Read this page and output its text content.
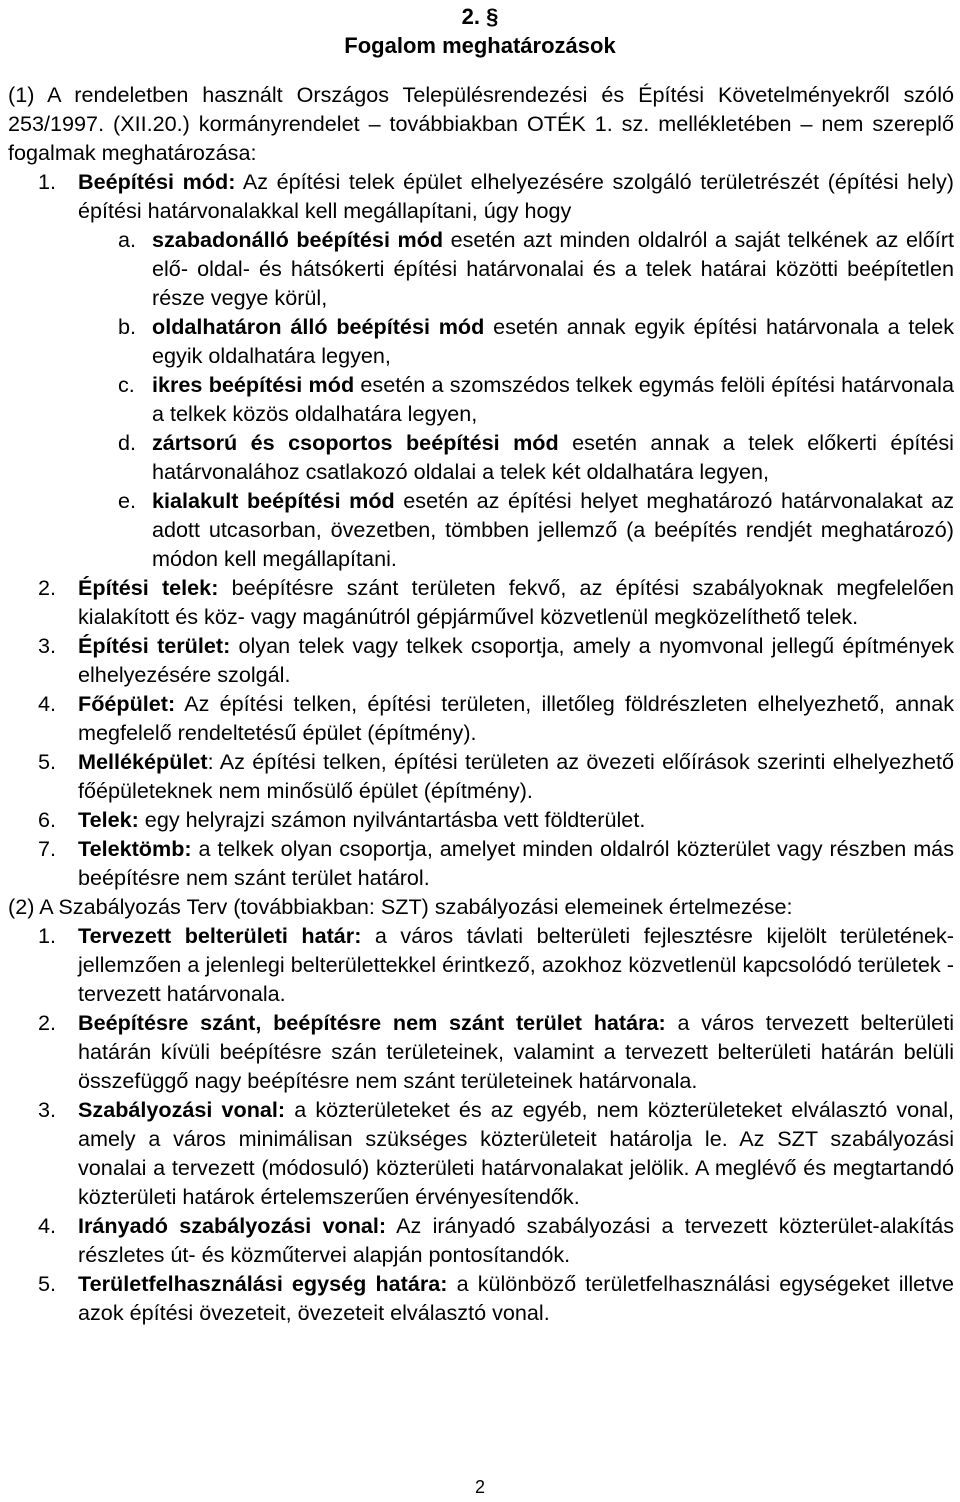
2. §
Fogalom meghatározások

(1) A rendeletben használt Országos Településrendezési és Építési Követelményekről szóló 253/1997. (XII.20.) kormányrendelet – továbbiakban OTÉK 1. sz. mellékletében – nem szereplő fogalmak meghatározása:

1.	Beépítési mód: Az építési telek épület elhelyezésére szolgáló területrészét (építési hely) építési határvonalakkal kell megállapítani, úgy hogy
a. szabadonálló beépítési mód esetén azt minden oldalról a saját telkének az előírt elő- oldal- és hátsókerti építési határvonalai és a telek határai közötti beépítetlen része vegye körül,
b. oldalhatáron álló beépítési mód esetén annak egyik építési határvonala a telek egyik oldalhatára legyen,
c. ikres beépítési mód esetén a szomszédos telkek egymás felöli építési határvonala a telkek közös oldalhatára legyen,
d. zártsorú és csoportos beépítési mód esetén annak a telek előkerti építési határvonalához csatlakozó oldalai a telek két oldalhatára legyen,
e. kialakult beépítési mód esetén az építési helyet meghatározó határvonalakat az adott utcasorban, övezetben, tömbben jellemző (a beépítés rendjét meghatározó) módon kell megállapítani.
2.	Építési telek: beépítésre szánt területen fekvő, az építési szabályoknak megfelelően kialakított és köz- vagy magánútról gépjárművel közvetlenül megközelíthető telek.
3.	Építési terület: olyan telek vagy telkek csoportja, amely a nyomvonal jellegű építmények elhelyezésére szolgál.
4.	Főépület: Az építési telken, építési területen, illetőleg földrészleten elhelyezhető, annak megfelelő rendeltetésű épület (építmény).
5.	Melléképület: Az építési telken, építési területen az övezeti előírások szerinti elhelyezhető főépületeknek nem minősülő épület (építmény).
6.	Telek: egy helyrajzi számon nyilvántartásba vett földterület.
7.	Telektömb: a telkek olyan csoportja, amelyet minden oldalról közterület vagy részben más beépítésre nem szánt terület határol.

(2) A Szabályozás Terv (továbbiakban: SZT) szabályozási elemeinek értelmezése:

1.	Tervezett belterületi határ: a város távlati belterületi fejlesztésre kijelölt területének- jellemzően a jelenlegi belterülettekkel érintkező, azokhoz közvetlenül kapcsolódó területek - tervezett határvonala.
2.	Beépítésre szánt, beépítésre nem szánt terület határa: a város tervezett belterületi határán kívüli beépítésre szán területeinek, valamint a tervezett belterületi határán belüli összefüggő nagy beépítésre nem szánt területeinek határvonala.
3.	Szabályozási vonal: a közterületeket és az egyéb, nem közterületeket elválasztó vonal, amely a város minimálisan szükséges közterületeit határolja le. Az SZT szabályozási vonalai a tervezett (módosuló) közterületi határvonalakat jelölik. A meglévő és megtartandó közterületi határok értelemszerűen érvényesítendők.
4.	Irányadó szabályozási vonal: Az irányadó szabályozási a tervezett közterület-alakítás részletes út- és közműtervei alapján pontosítandók.
5.	Területfelhasználási egység határa: a különböző területfelhasználási egységeket illetve azok építési övezeteit, övezeteit elválasztó vonal.
2
